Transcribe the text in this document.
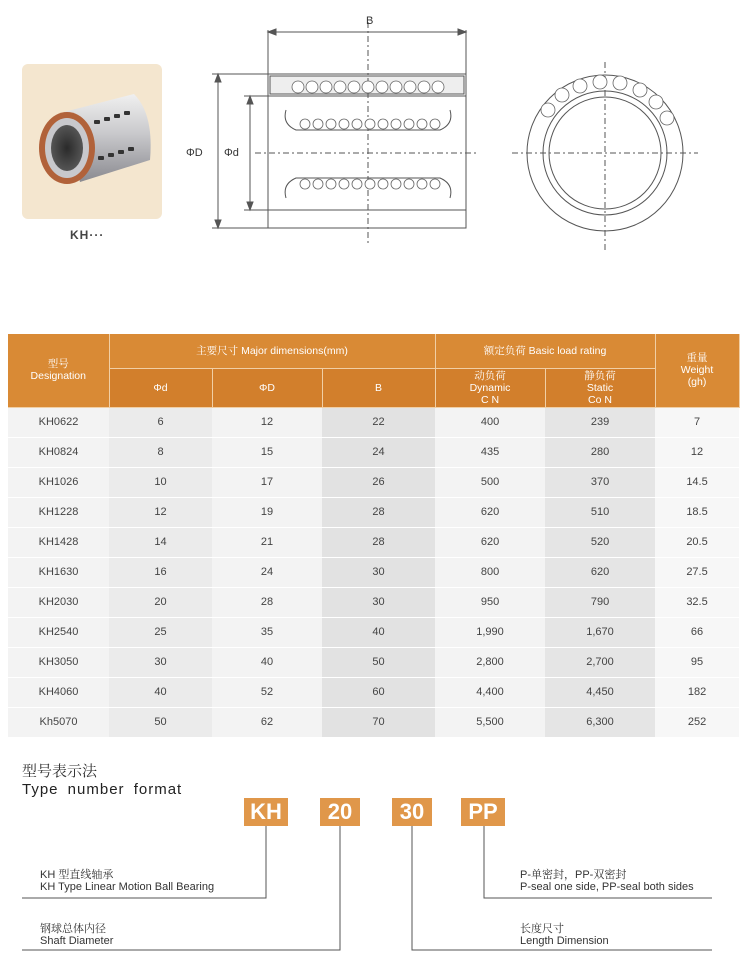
KH···
B
ΦD Φd
型号
Designation	主要尺寸 Major dimensions(mm)			额定负荷 Basic load rating		重量
Weight
(gh)

	Φd	ΦD	B	动负荷
Dynamic
C N	静负荷
Static
Co N	

KH0622	6	12	22	400	239	7
KH0824	8	15	24	435	280	12
KH1026	10	17	26	500	370	14.5
KH1228	12	19	28	620	510	18.5
KH1428	14	21	28	620	520	20.5
KH1630	16	24	30	800	620	27.5
KH2030	20	28	30	950	790	32.5
KH2540	25	35	40	1,990	1,670	66
KH3050	30	40	50	2,800	2,700	95
KH4060	40	52	60	4,400	4,450	182
Kh5070	50	62	70	5,500	6,300	252
型号表示法
Type number format
KH	20	30	PP
KH 型直线轴承
KH Type Linear Motion Ball Bearing
钢球总体内径
Shaft Diameter
P-单密封，PP-双密封
P-seal one side, PP-seal both sides
长度尺寸
Length Dimension
